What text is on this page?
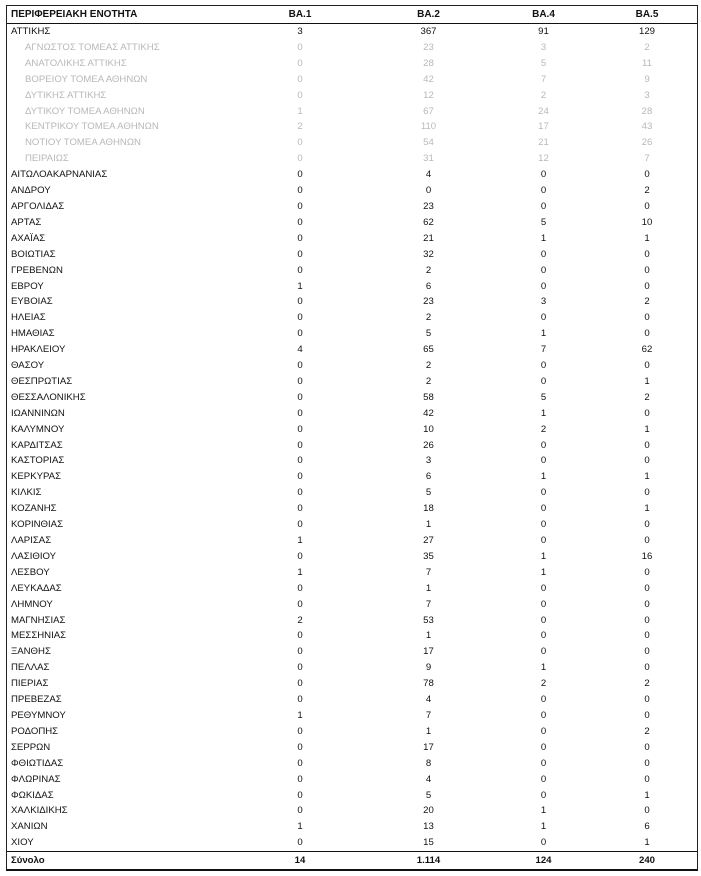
ΠΕΡΙΦΕΡΕΙΑΚΗ ΕΝΟΤΗΤΑ	ΒΑ.1	ΒΑ.2	ΒΑ.4	ΒΑ.5
ΑΤΤΙΚΗΣ	3	367	91	129
ΑΓΝΩΣΤΟΣ ΤΟΜΕΑΣ ΑΤΤΙΚΗΣ	0	23	3	2
ΑΝΑΤΟΛΙΚΗΣ ΑΤΤΙΚΗΣ	0	28	5	11
ΒΟΡΕΙΟΥ ΤΟΜΕΑ ΑΘΗΝΩΝ	0	42	7	9
ΔΥΤΙΚΗΣ ΑΤΤΙΚΗΣ	0	12	2	3
ΔΥΤΙΚΟΥ ΤΟΜΕΑ ΑΘΗΝΩΝ	1	67	24	28
ΚΕΝΤΡΙΚΟΥ ΤΟΜΕΑ ΑΘΗΝΩΝ	2	110	17	43
ΝΟΤΙΟΥ ΤΟΜΕΑ ΑΘΗΝΩΝ	0	54	21	26
ΠΕΙΡΑΙΩΣ	0	31	12	7
ΑΙΤΩΛΟΑΚΑΡΝΑΝΙΑΣ	0	4	0	0
ΑΝΔΡΟΥ	0	0	0	2
ΑΡΓΟΛΙΔΑΣ	0	23	0	0
ΑΡΤΑΣ	0	62	5	10
ΑΧΑΪΑΣ	0	21	1	1
ΒΟΙΩΤΙΑΣ	0	32	0	0
ΓΡΕΒΕΝΩΝ	0	2	0	0
ΕΒΡΟΥ	1	6	0	0
ΕΥΒΟΙΑΣ	0	23	3	2
ΗΛΕΙΑΣ	0	2	0	0
ΗΜΑΘΙΑΣ	0	5	1	0
ΗΡΑΚΛΕΙΟΥ	4	65	7	62
ΘΑΣΟΥ	0	2	0	0
ΘΕΣΠΡΩΤΙΑΣ	0	2	0	1
ΘΕΣΣΑΛΟΝΙΚΗΣ	0	58	5	2
ΙΩΑΝΝΙΝΩΝ	0	42	1	0
ΚΑΛΥΜΝΟΥ	0	10	2	1
ΚΑΡΔΙΤΣΑΣ	0	26	0	0
ΚΑΣΤΟΡΙΑΣ	0	3	0	0
ΚΕΡΚΥΡΑΣ	0	6	1	1
ΚΙΛΚΙΣ	0	5	0	0
ΚΟΖΑΝΗΣ	0	18	0	1
ΚΟΡΙΝΘΙΑΣ	0	1	0	0
ΛΑΡΙΣΑΣ	1	27	0	0
ΛΑΣΙΘΙΟΥ	0	35	1	16
ΛΕΣΒΟΥ	1	7	1	0
ΛΕΥΚΑΔΑΣ	0	1	0	0
ΛΗΜΝΟΥ	0	7	0	0
ΜΑΓΝΗΣΙΑΣ	2	53	0	0
ΜΕΣΣΗΝΙΑΣ	0	1	0	0
ΞΑΝΘΗΣ	0	17	0	0
ΠΕΛΛΑΣ	0	9	1	0
ΠΙΕΡΙΑΣ	0	78	2	2
ΠΡΕΒΕΖΑΣ	0	4	0	0
ΡΕΘΥΜΝΟΥ	1	7	0	0
ΡΟΔΟΠΗΣ	0	1	0	2
ΣΕΡΡΩΝ	0	17	0	0
ΦΘΙΩΤΙΔΑΣ	0	8	0	0
ΦΛΩΡΙΝΑΣ	0	4	0	0
ΦΩΚΙΔΑΣ	0	5	0	1
ΧΑΛΚΙΔΙΚΗΣ	0	20	1	0
ΧΑΝΙΩΝ	1	13	1	6
ΧΙΟΥ	0	15	0	1
Σύνολο	14	1.114	124	240
